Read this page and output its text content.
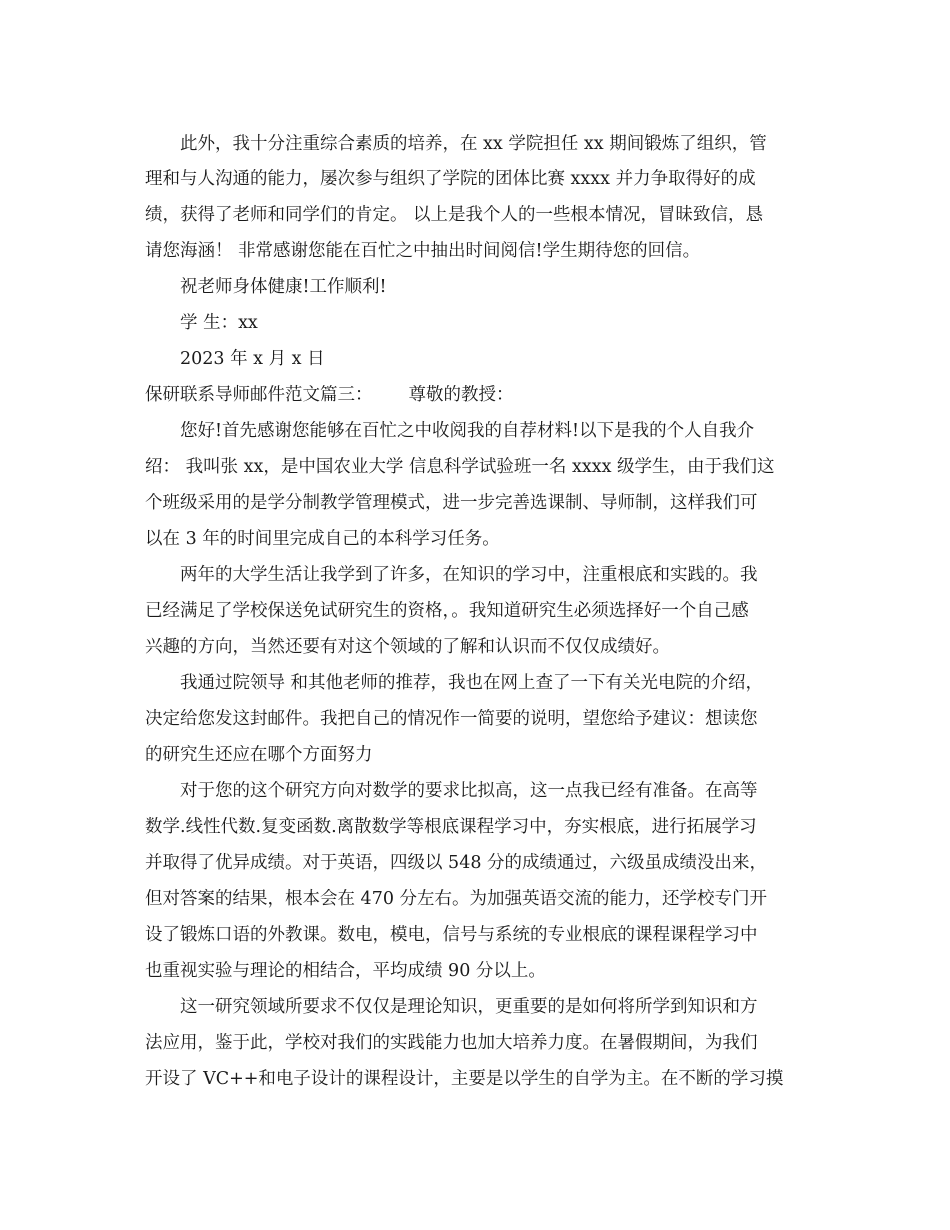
此外，我十分注重综合素质的培养，在 xx 学院担任 xx 期间锻炼了组织，管
理和与人沟通的能力，屡次参与组织了学院的团体比赛 xxxx 并力争取得好的成
绩，获得了老师和同学们的肯定。 以上是我个人的一些根本情况，冒昧致信，恳
请您海涵！ 非常感谢您能在百忙之中抽出时间阅信!学生期待您的回信。
祝老师身体健康!工作顺利!
学 生：xx
2023 年 x 月 x 日
保研联系导师邮件范文篇三： 尊敬的教授：
您好!首先感谢您能够在百忙之中收阅我的自荐材料!以下是我的个人自我介
绍： 我叫张 xx，是中国农业大学 信息科学试验班一名 xxxx 级学生，由于我们这
个班级采用的是学分制教学管理模式，进一步完善选课制、导师制，这样我们可
以在 3 年的时间里完成自己的本科学习任务。
两年的大学生活让我学到了许多，在知识的学习中，注重根底和实践的。我
已经满足了学校保送免试研究生的资格，。我知道研究生必须选择好一个自己感
兴趣的方向，当然还要有对这个领域的了解和认识而不仅仅成绩好。
我通过院领导 和其他老师的推荐，我也在网上查了一下有关光电院的介绍，
决定给您发这封邮件。我把自己的情况作一简要的说明，望您给予建议：想读您
的研究生还应在哪个方面努力
对于您的这个研究方向对数学的要求比拟高，这一点我已经有准备。在高等
数学.线性代数.复变函数.离散数学等根底课程学习中，夯实根底，进行拓展学习
并取得了优异成绩。对于英语，四级以 548 分的成绩通过，六级虽成绩没出来，
但对答案的结果，根本会在 470 分左右。为加强英语交流的能力，还学校专门开
设了锻炼口语的外教课。数电，模电，信号与系统的专业根底的课程课程学习中
也重视实验与理论的相结合，平均成绩 90 分以上。
这一研究领域所要求不仅仅是理论知识，更重要的是如何将所学到知识和方
法应用，鉴于此，学校对我们的实践能力也加大培养力度。在暑假期间，为我们
开设了 VC++和电子设计的课程设计，主要是以学生的自学为主。在不断的学习摸
